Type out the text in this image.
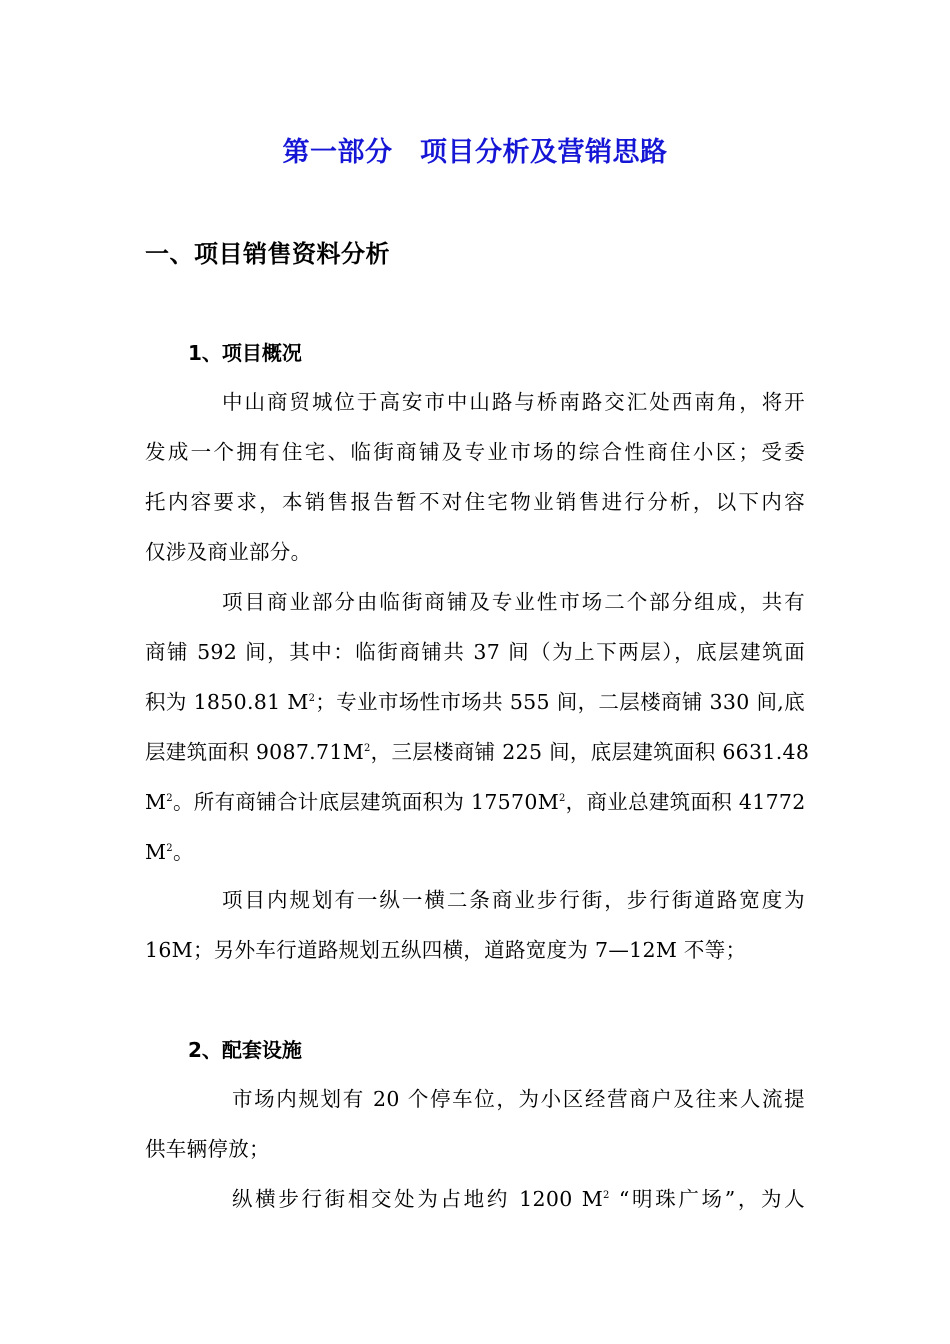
第一部分　项目分析及营销思路
一、项目销售资料分析
1、项目概况
中山商贸城位于高安市中山路与桥南路交汇处西南角，将开
发成一个拥有住宅、临街商铺及专业市场的综合性商住小区；受委
托内容要求，本销售报告暂不对住宅物业销售进行分析，以下内容
仅涉及商业部分。
项目商业部分由临街商铺及专业性市场二个部分组成，共有
商铺 592 间，其中：临街商铺共 37 间（为上下两层），底层建筑面
积为 1850.81 $M^2$；专业市场性市场共 555 间，二层楼商铺 330 间,底
层建筑面积 $9087.71M^2$，三层楼商铺 225 间，底层建筑面积 6631.48
$M^2$。所有商铺合计底层建筑面积为 $17570M^2$，商业总建筑面积 41772
$M^2$。
项目内规划有一纵一横二条商业步行街，步行街道路宽度为
16M；另外车行道路规划五纵四横，道路宽度为 7—12M 不等；
2、配套设施
市场内规划有 20 个停车位，为小区经营商户及往来人流提
供车辆停放；
纵横步行街相交处为占地约 1200 $M^2$ “明珠广场”，为人
